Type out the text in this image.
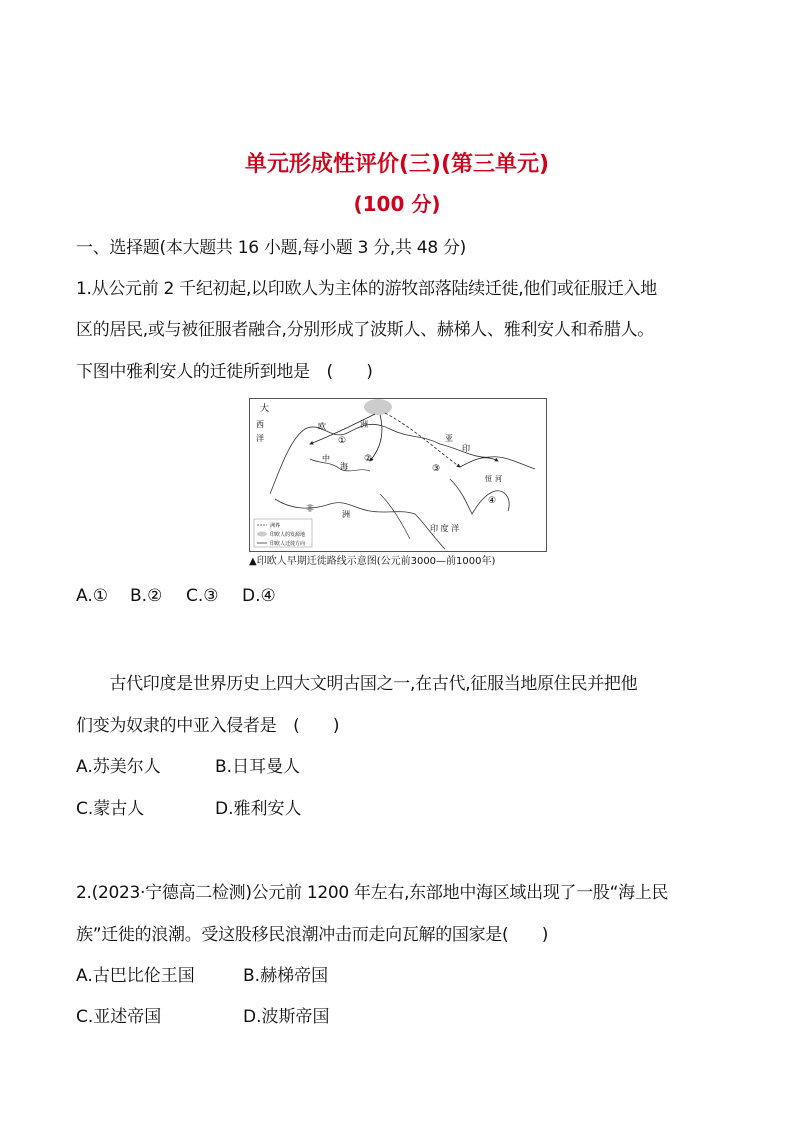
单元形成性评价(三)(第三单元)
(100 分)
一、选择题(本大题共 16 小题,每小题 3 分,共 48 分)
1.从公元前 2 千纪初起,以印欧人为主体的游牧部落陆续迁徙,他们或征服迁入地
区的居民,或与被征服者融合,分别形成了波斯人、赫梯人、雅利安人和希腊人。
下图中雅利安人的迁徙所到地是　(　　)
大
西
洋
欧	洲
中
海
非
洲
亚
印
恒 河
印 度 洋
①
②
③
④
洲界
印欧人的发源地
印欧人迁徙方向
▲印欧人早期迁徙路线示意图(公元前3000—前1000年)
A.① B.② C.③ D.④
　　古代印度是世界历史上四大文明古国之一,在古代,征服当地原住民并把他
们变为奴隶的中亚入侵者是　(　　)
A.苏美尔人	B.日耳曼人
C.蒙古人	D.雅利安人
2.(2023·宁德高二检测)公元前 1200 年左右,东部地中海区域出现了一股“海上民
族”迁徙的浪潮。受这股移民浪潮冲击而走向瓦解的国家是(　　)
A.古巴比伦王国	B.赫梯帝国
C.亚述帝国	D.波斯帝国
